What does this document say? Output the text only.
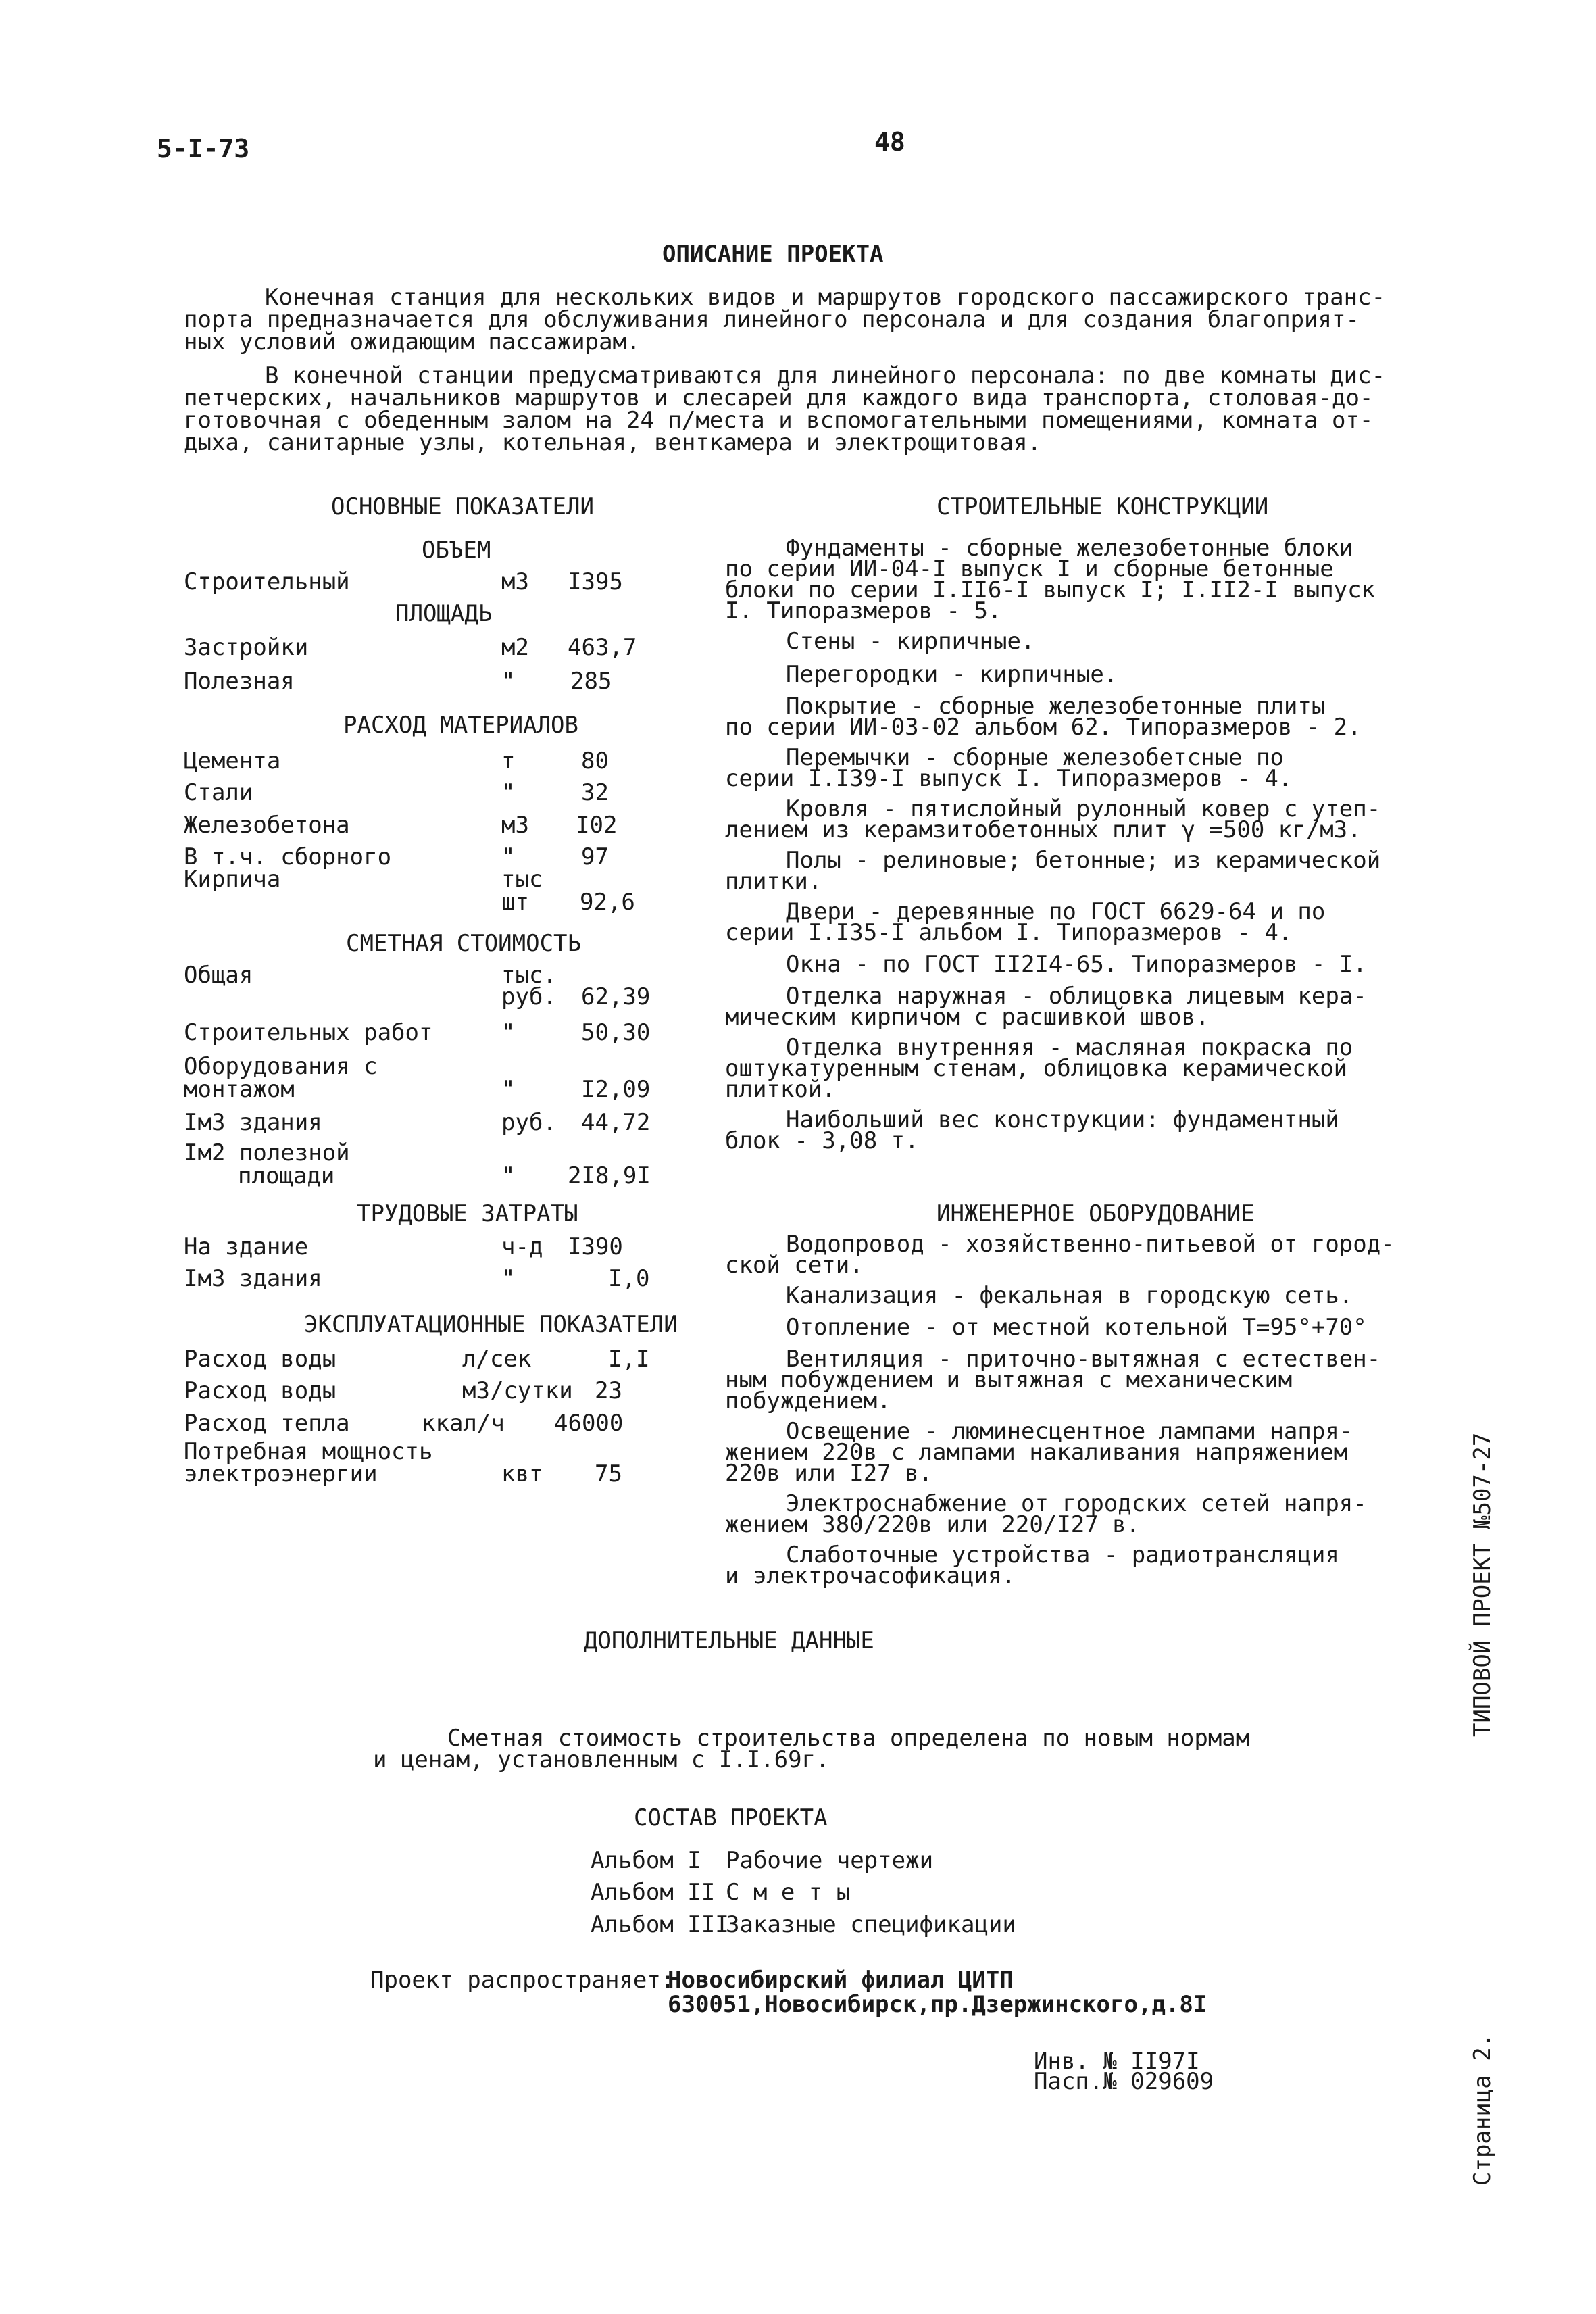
5-I-73	48
ОПИСАНИЕ ПРОЕКТА
Конечная станция для нескольких видов и маршрутов городского пассажирского транс-
порта предназначается для обслуживания линейного персонала и для создания благоприят-
ных условий ожидающим пассажирам.
В конечной станции предусматриваются для линейного персонала: по две комнаты дис-
петчерских, начальников маршрутов и слесарей для каждого вида транспорта, столовая-до-
готовочная с обеденным залом на 24 п/места и вспомогательными помещениями, комната от-
дыха, санитарные узлы, котельная, венткамера и электрощитовая.
ОСНОВНЫЕ ПОКАЗАТЕЛИ
ОБЪЕМ
Строительный	м3 I395
ПЛОЩАДЬ
Застройки	м2 463,7
Полезная	" 285
РАСХОД МАТЕРИАЛОВ
Цемента	т	80
Стали	"	32
Железобетона	м3 I02
В т.ч. сборного	"	97
Кирпича	тыс
шт 92,6
СМЕТНАЯ СТОИМОСТЬ
Общая	тыс.
руб. 62,39
Строительных работ	"	50,30
Оборудования с
монтажом	"	I2,09
Iм3 здания	руб. 44,72
Iм2 полезной
площади	" 2I8,9I
ТРУДОВЫЕ ЗАТРАТЫ
На здание	ч-д I390
Iм3 здания	"	I,0
ЭКСПЛУАТАЦИОННЫЕ ПОКАЗАТЕЛИ
Расход воды	л/сек	I,I
Расход воды	м3/сутки 23
Расход тепла	ккал/ч 46000
Потребная мощность
электроэнергии	квт 75
СТРОИТЕЛЬНЫЕ КОНСТРУКЦИИ
Фундаменты - сборные железобетонные блоки
по серии ИИ-04-I выпуск I и сборные бетонные
блоки по серии I.II6-I выпуск I; I.II2-I выпуск
I. Типоразмеров - 5.
Стены - кирпичные.
Перегородки - кирпичные.
Покрытие - сборные железобетонные плиты
по серии ИИ-03-02 альбом 62. Типоразмеров - 2.
Перемычки - сборные железобетсные по
серии I.I39-I выпуск I. Типоразмеров - 4.
Кровля - пятислойный рулонный ковер с утеп-
лением из керамзитобетонных плит γ =500 кг/м3.
Полы - релиновые; бетонные; из керамической
плитки.
Двери - деревянные по ГОСТ 6629-64 и по
серии I.I35-I альбом I. Типоразмеров - 4.
Окна - по ГОСТ II2I4-65. Типоразмеров - I.
Отделка наружная - облицовка лицевым кера-
мическим кирпичом с расшивкой швов.
Отделка внутренняя - масляная покраска по
оштукатуренным стенам, облицовка керамической
плиткой.
Наибольший вес конструкции: фундаментный
блок - 3,08 т.
ИНЖЕНЕРНОЕ ОБОРУДОВАНИЕ
Водопровод - хозяйственно-питьевой от город-
ской сети.
Канализация - фекальная в городскую сеть.
Отопление - от местной котельной Т=95°+70°
Вентиляция - приточно-вытяжная с естествен-
ным побуждением и вытяжная с механическим
побуждением.
Освещение - люминесцентное лампами напря-
жением 220в с лампами накаливания напряжением
220в или I27 в.
Электроснабжение от городских сетей напря-
жением 380/220в или 220/I27 в.
Слаботочные устройства - радиотрансляция
и электрочасофикация.
ДОПОЛНИТЕЛЬНЫЕ ДАННЫЕ
Сметная стоимость строительства определена по новым нормам
и ценам, установленным с I.I.69г.
СОСТАВ ПРОЕКТА
Альбом I Рабочие чертежи
Альбом II С м е т ы
Альбом III
Заказные спецификации
Проект распространяет:
Новосибирский филиал ЦИТП
630051,Новосибирск,пр.Дзержинского,д.8I
Инв. № II97I
Пасп.№ 029609
ТИПОВОЙ ПРОЕКТ №507-27
Страница 2.
